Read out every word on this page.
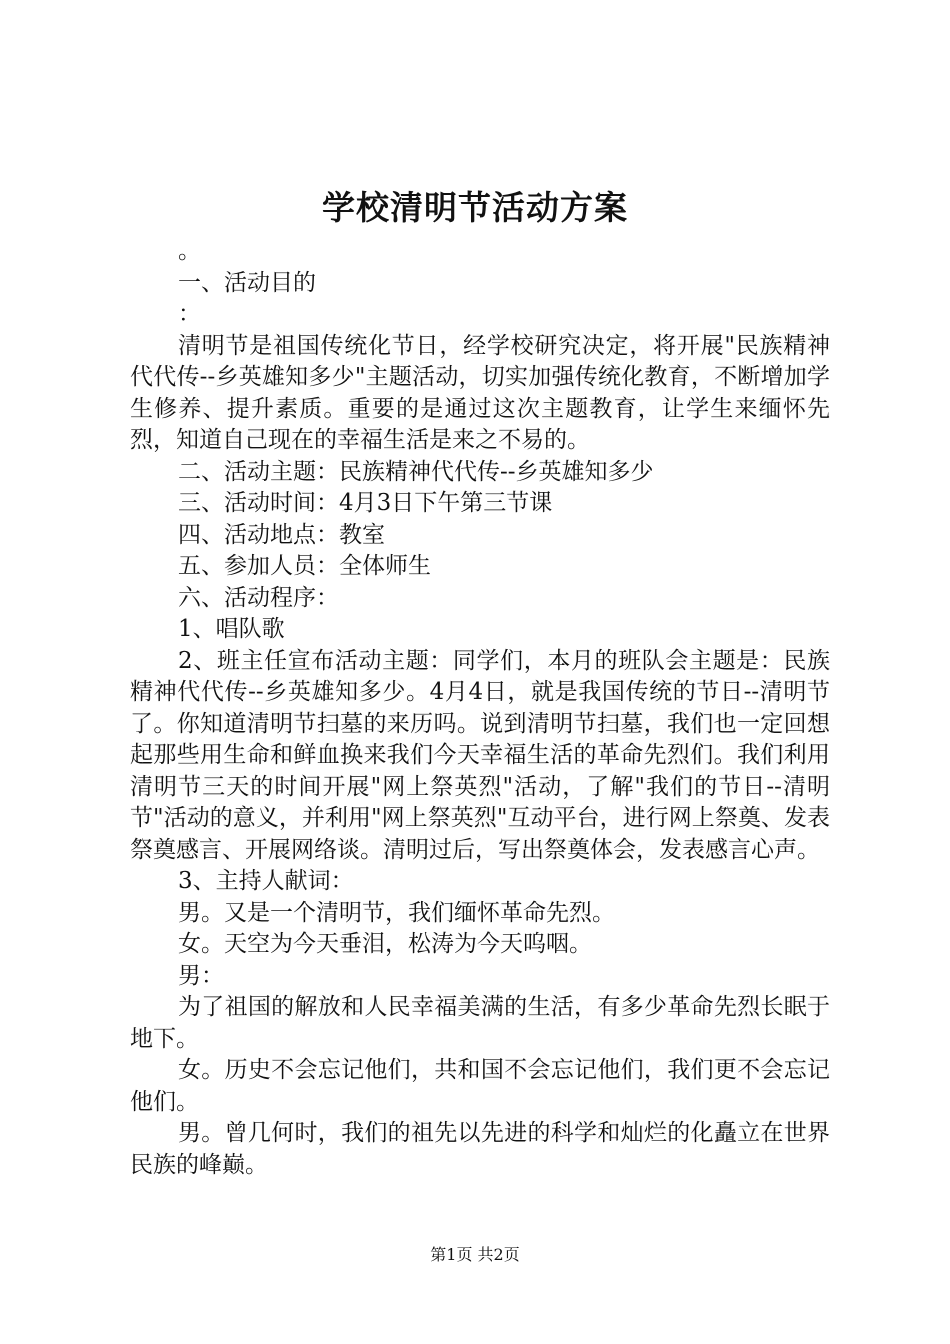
学校清明节活动方案

。

一、活动目的

：

清明节是祖国传统化节日，经学校研究决定，将开展"民族精神代代传--乡英雄知多少"主题活动，切实加强传统化教育，不断增加学生修养、提升素质。重要的是通过这次主题教育，让学生来缅怀先烈，知道自己现在的幸福生活是来之不易的。

二、活动主题：民族精神代代传--乡英雄知多少

三、活动时间：4月3日下午第三节课

四、活动地点：教室

五、参加人员：全体师生

六、活动程序：

1、唱队歌

2、班主任宣布活动主题：同学们，本月的班队会主题是：民族精神代代传--乡英雄知多少。4月4日，就是我国传统的节日--清明节了。你知道清明节扫墓的来历吗。说到清明节扫墓，我们也一定回想起那些用生命和鲜血换来我们今天幸福生活的革命先烈们。我们利用清明节三天的时间开展"网上祭英烈"活动，了解"我们的节日--清明节"活动的意义，并利用"网上祭英烈"互动平台，进行网上祭奠、发表祭奠感言、开展网络谈。清明过后，写出祭奠体会，发表感言心声。

3、主持人献词：

男。又是一个清明节，我们缅怀革命先烈。

女。天空为今天垂泪，松涛为今天呜咽。

男：

为了祖国的解放和人民幸福美满的生活，有多少革命先烈长眠于地下。

女。历史不会忘记他们，共和国不会忘记他们，我们更不会忘记他们。

男。曾几何时，我们的祖先以先进的科学和灿烂的化矗立在世界民族的峰巅。

第1页 共2页
